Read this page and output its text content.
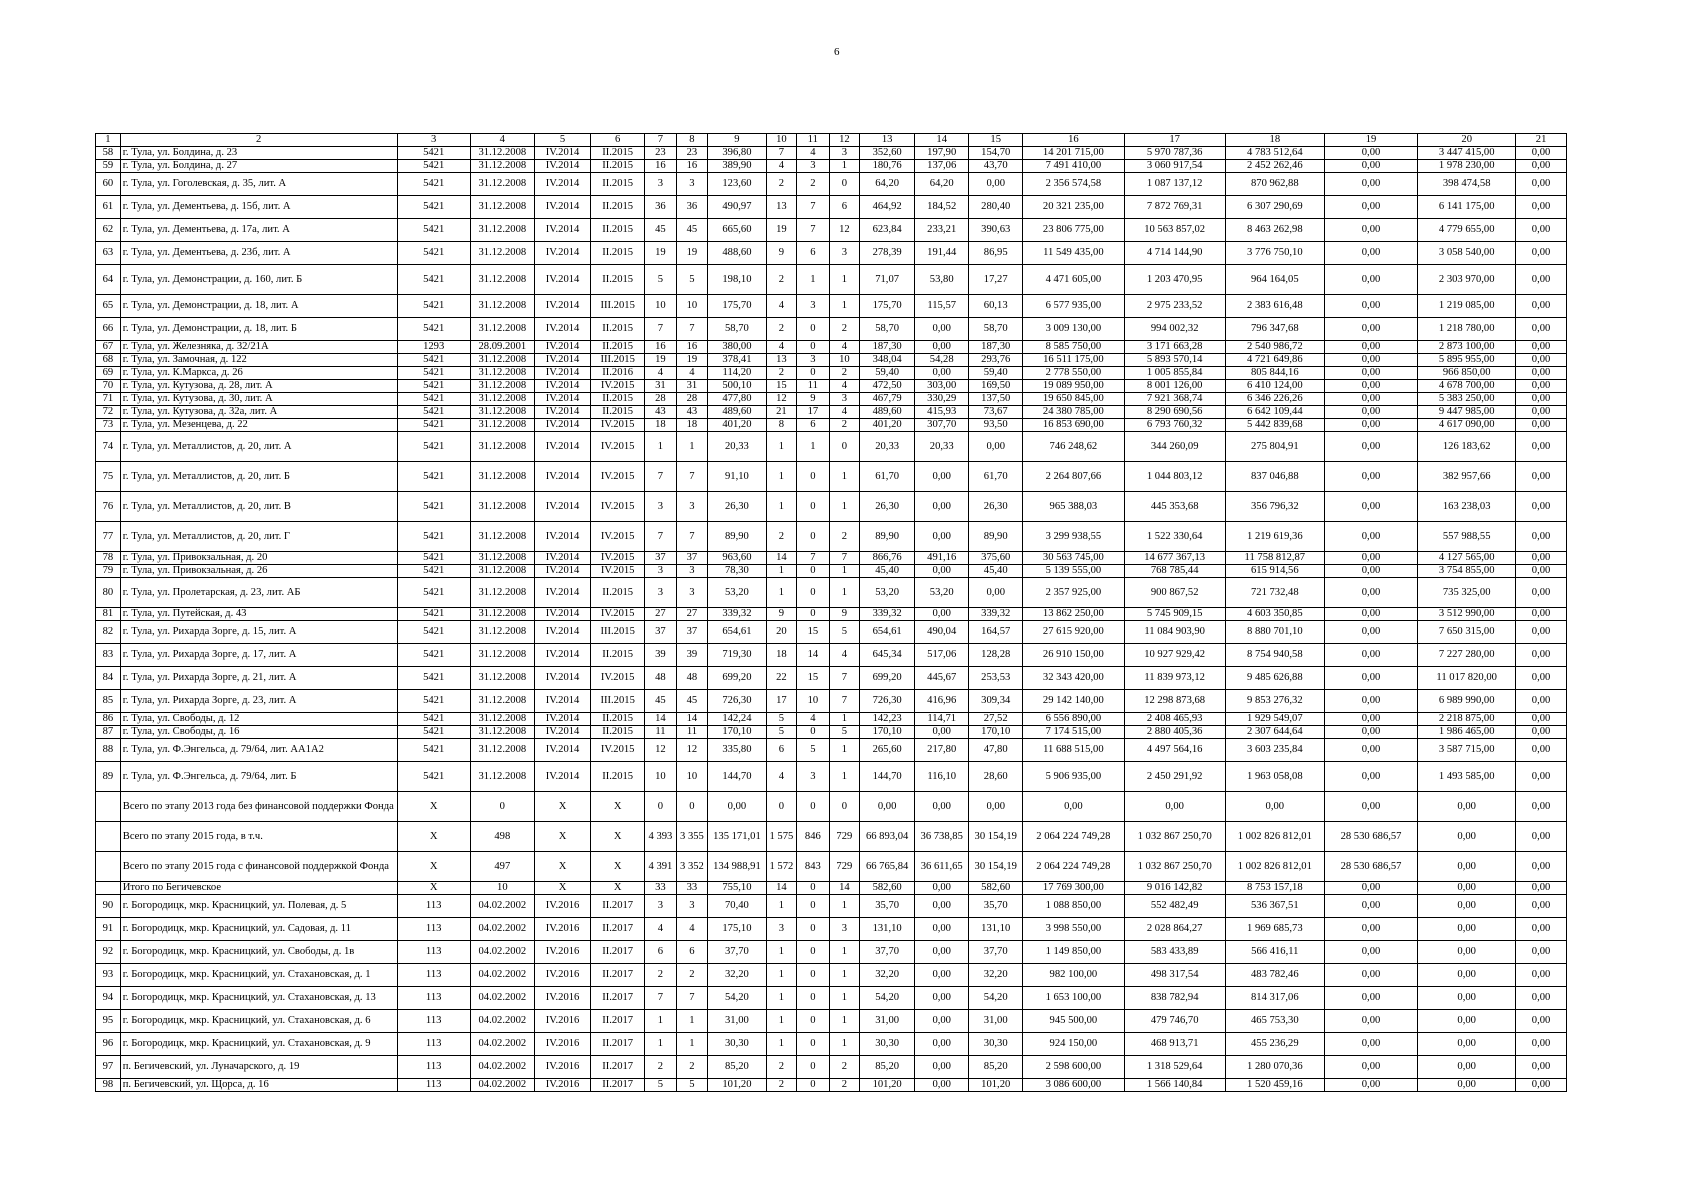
6
1	2	3	4	5	6	7	8	9	10	11	12	13	14	15	16	17	18	19	20	21
58	г. Тула, ул. Болдина, д. 23	5421	31.12.2008	IV.2014	II.2015	23	23	396,80	7	4	3	352,60	197,90	154,70	14 201 715,00	5 970 787,36	4 783 512,64	0,00	3 447 415,00	0,00
59	г. Тула, ул. Болдина, д. 27	5421	31.12.2008	IV.2014	II.2015	16	16	389,90	4	3	1	180,76	137,06	43,70	7 491 410,00	3 060 917,54	2 452 262,46	0,00	1 978 230,00	0,00
60	г. Тула, ул. Гоголевская, д. 35, лит. А	5421	31.12.2008	IV.2014	II.2015	3	3	123,60	2	2	0	64,20	64,20	0,00	2 356 574,58	1 087 137,12	870 962,88	0,00	398 474,58	0,00
61	г. Тула, ул. Дементьева, д. 15б, лит. А	5421	31.12.2008	IV.2014	II.2015	36	36	490,97	13	7	6	464,92	184,52	280,40	20 321 235,00	7 872 769,31	6 307 290,69	0,00	6 141 175,00	0,00
62	г. Тула, ул. Дементьева, д. 17а, лит. А	5421	31.12.2008	IV.2014	II.2015	45	45	665,60	19	7	12	623,84	233,21	390,63	23 806 775,00	10 563 857,02	8 463 262,98	0,00	4 779 655,00	0,00
63	г. Тула, ул. Дементьева, д. 23б, лит. А	5421	31.12.2008	IV.2014	II.2015	19	19	488,60	9	6	3	278,39	191,44	86,95	11 549 435,00	4 714 144,90	3 776 750,10	0,00	3 058 540,00	0,00
64	г. Тула, ул. Демонстрации, д. 160, лит. Б	5421	31.12.2008	IV.2014	II.2015	5	5	198,10	2	1	1	71,07	53,80	17,27	4 471 605,00	1 203 470,95	964 164,05	0,00	2 303 970,00	0,00
65	г. Тула, ул. Демонстрации, д. 18, лит. А	5421	31.12.2008	IV.2014	III.2015	10	10	175,70	4	3	1	175,70	115,57	60,13	6 577 935,00	2 975 233,52	2 383 616,48	0,00	1 219 085,00	0,00
66	г. Тула, ул. Демонстрации, д. 18, лит. Б	5421	31.12.2008	IV.2014	II.2015	7	7	58,70	2	0	2	58,70	0,00	58,70	3 009 130,00	994 002,32	796 347,68	0,00	1 218 780,00	0,00
67	г. Тула, ул. Железняка, д. 32/21А	1293	28.09.2001	IV.2014	II.2015	16	16	380,00	4	0	4	187,30	0,00	187,30	8 585 750,00	3 171 663,28	2 540 986,72	0,00	2 873 100,00	0,00
68	г. Тула, ул. Замочная, д. 122	5421	31.12.2008	IV.2014	III.2015	19	19	378,41	13	3	10	348,04	54,28	293,76	16 511 175,00	5 893 570,14	4 721 649,86	0,00	5 895 955,00	0,00
69	г. Тула, ул. К.Маркса, д. 26	5421	31.12.2008	IV.2014	II.2016	4	4	114,20	2	0	2	59,40	0,00	59,40	2 778 550,00	1 005 855,84	805 844,16	0,00	966 850,00	0,00
70	г. Тула, ул. Кутузова, д. 28, лит. А	5421	31.12.2008	IV.2014	IV.2015	31	31	500,10	15	11	4	472,50	303,00	169,50	19 089 950,00	8 001 126,00	6 410 124,00	0,00	4 678 700,00	0,00
71	г. Тула, ул. Кутузова, д. 30, лит. А	5421	31.12.2008	IV.2014	II.2015	28	28	477,80	12	9	3	467,79	330,29	137,50	19 650 845,00	7 921 368,74	6 346 226,26	0,00	5 383 250,00	0,00
72	г. Тула, ул. Кутузова, д. 32а, лит. А	5421	31.12.2008	IV.2014	II.2015	43	43	489,60	21	17	4	489,60	415,93	73,67	24 380 785,00	8 290 690,56	6 642 109,44	0,00	9 447 985,00	0,00
73	г. Тула, ул. Мезенцева, д. 22	5421	31.12.2008	IV.2014	IV.2015	18	18	401,20	8	6	2	401,20	307,70	93,50	16 853 690,00	6 793 760,32	5 442 839,68	0,00	4 617 090,00	0,00
74	г. Тула, ул. Металлистов, д. 20, лит. А	5421	31.12.2008	IV.2014	IV.2015	1	1	20,33	1	1	0	20,33	20,33	0,00	746 248,62	344 260,09	275 804,91	0,00	126 183,62	0,00
75	г. Тула, ул. Металлистов, д. 20, лит. Б	5421	31.12.2008	IV.2014	IV.2015	7	7	91,10	1	0	1	61,70	0,00	61,70	2 264 807,66	1 044 803,12	837 046,88	0,00	382 957,66	0,00
76	г. Тула, ул. Металлистов, д. 20, лит. В	5421	31.12.2008	IV.2014	IV.2015	3	3	26,30	1	0	1	26,30	0,00	26,30	965 388,03	445 353,68	356 796,32	0,00	163 238,03	0,00
77	г. Тула, ул. Металлистов, д. 20, лит. Г	5421	31.12.2008	IV.2014	IV.2015	7	7	89,90	2	0	2	89,90	0,00	89,90	3 299 938,55	1 522 330,64	1 219 619,36	0,00	557 988,55	0,00
78	г. Тула, ул. Привокзальная, д. 20	5421	31.12.2008	IV.2014	IV.2015	37	37	963,60	14	7	7	866,76	491,16	375,60	30 563 745,00	14 677 367,13	11 758 812,87	0,00	4 127 565,00	0,00
79	г. Тула, ул. Привокзальная, д. 26	5421	31.12.2008	IV.2014	IV.2015	3	3	78,30	1	0	1	45,40	0,00	45,40	5 139 555,00	768 785,44	615 914,56	0,00	3 754 855,00	0,00
80	г. Тула, ул. Пролетарская, д. 23, лит. АБ	5421	31.12.2008	IV.2014	II.2015	3	3	53,20	1	0	1	53,20	53,20	0,00	2 357 925,00	900 867,52	721 732,48	0,00	735 325,00	0,00
81	г. Тула, ул. Путейская, д. 43	5421	31.12.2008	IV.2014	IV.2015	27	27	339,32	9	0	9	339,32	0,00	339,32	13 862 250,00	5 745 909,15	4 603 350,85	0,00	3 512 990,00	0,00
82	г. Тула, ул. Рихарда Зорге, д. 15, лит. А	5421	31.12.2008	IV.2014	III.2015	37	37	654,61	20	15	5	654,61	490,04	164,57	27 615 920,00	11 084 903,90	8 880 701,10	0,00	7 650 315,00	0,00
83	г. Тула, ул. Рихарда Зорге, д. 17, лит. А	5421	31.12.2008	IV.2014	II.2015	39	39	719,30	18	14	4	645,34	517,06	128,28	26 910 150,00	10 927 929,42	8 754 940,58	0,00	7 227 280,00	0,00
84	г. Тула, ул. Рихарда Зорге, д. 21, лит. А	5421	31.12.2008	IV.2014	IV.2015	48	48	699,20	22	15	7	699,20	445,67	253,53	32 343 420,00	11 839 973,12	9 485 626,88	0,00	11 017 820,00	0,00
85	г. Тула, ул. Рихарда Зорге, д. 23, лит. А	5421	31.12.2008	IV.2014	III.2015	45	45	726,30	17	10	7	726,30	416,96	309,34	29 142 140,00	12 298 873,68	9 853 276,32	0,00	6 989 990,00	0,00
86	г. Тула, ул. Свободы, д. 12	5421	31.12.2008	IV.2014	II.2015	14	14	142,24	5	4	1	142,23	114,71	27,52	6 556 890,00	2 408 465,93	1 929 549,07	0,00	2 218 875,00	0,00
87	г. Тула, ул. Свободы, д. 16	5421	31.12.2008	IV.2014	II.2015	11	11	170,10	5	0	5	170,10	0,00	170,10	7 174 515,00	2 880 405,36	2 307 644,64	0,00	1 986 465,00	0,00
88	г. Тула, ул. Ф.Энгельса, д. 79/64, лит. АА1А2	5421	31.12.2008	IV.2014	IV.2015	12	12	335,80	6	5	1	265,60	217,80	47,80	11 688 515,00	4 497 564,16	3 603 235,84	0,00	3 587 715,00	0,00
89	г. Тула, ул. Ф.Энгельса, д. 79/64, лит. Б	5421	31.12.2008	IV.2014	II.2015	10	10	144,70	4	3	1	144,70	116,10	28,60	5 906 935,00	2 450 291,92	1 963 058,08	0,00	1 493 585,00	0,00
	Всего по этапу 2013 года без финансовой поддержки Фонда	X	0	X	X	0	0	0,00	0	0	0	0,00	0,00	0,00	0,00	0,00	0,00	0,00	0,00	0,00
	Всего по этапу 2015 года, в т.ч.	X	498	X	X	4 393	3 355	135 171,01	1 575	846	729	66 893,04	36 738,85	30 154,19	2 064 224 749,28	1 032 867 250,70	1 002 826 812,01	28 530 686,57	0,00	0,00
	Всего по этапу 2015 года с финансовой поддержкой Фонда	X	497	X	X	4 391	3 352	134 988,91	1 572	843	729	66 765,84	36 611,65	30 154,19	2 064 224 749,28	1 032 867 250,70	1 002 826 812,01	28 530 686,57	0,00	0,00
	Итого по Бегичевское	X	10	X	X	33	33	755,10	14	0	14	582,60	0,00	582,60	17 769 300,00	9 016 142,82	8 753 157,18	0,00	0,00	0,00
90	г. Богородицк, мкр. Красницкий, ул. Полевая, д. 5	113	04.02.2002	IV.2016	II.2017	3	3	70,40	1	0	1	35,70	0,00	35,70	1 088 850,00	552 482,49	536 367,51	0,00	0,00	0,00
91	г. Богородицк, мкр. Красницкий, ул. Садовая, д. 11	113	04.02.2002	IV.2016	II.2017	4	4	175,10	3	0	3	131,10	0,00	131,10	3 998 550,00	2 028 864,27	1 969 685,73	0,00	0,00	0,00
92	г. Богородицк, мкр. Красницкий, ул. Свободы, д. 1в	113	04.02.2002	IV.2016	II.2017	6	6	37,70	1	0	1	37,70	0,00	37,70	1 149 850,00	583 433,89	566 416,11	0,00	0,00	0,00
93	г. Богородицк, мкр. Красницкий, ул. Стахановская, д. 1	113	04.02.2002	IV.2016	II.2017	2	2	32,20	1	0	1	32,20	0,00	32,20	982 100,00	498 317,54	483 782,46	0,00	0,00	0,00
94	г. Богородицк, мкр. Красницкий, ул. Стахановская, д. 13	113	04.02.2002	IV.2016	II.2017	7	7	54,20	1	0	1	54,20	0,00	54,20	1 653 100,00	838 782,94	814 317,06	0,00	0,00	0,00
95	г. Богородицк, мкр. Красницкий, ул. Стахановская, д. 6	113	04.02.2002	IV.2016	II.2017	1	1	31,00	1	0	1	31,00	0,00	31,00	945 500,00	479 746,70	465 753,30	0,00	0,00	0,00
96	г. Богородицк, мкр. Красницкий, ул. Стахановская, д. 9	113	04.02.2002	IV.2016	II.2017	1	1	30,30	1	0	1	30,30	0,00	30,30	924 150,00	468 913,71	455 236,29	0,00	0,00	0,00
97	п. Бегичевский, ул. Луначарского, д. 19	113	04.02.2002	IV.2016	II.2017	2	2	85,20	2	0	2	85,20	0,00	85,20	2 598 600,00	1 318 529,64	1 280 070,36	0,00	0,00	0,00
98	п. Бегичевский, ул. Щорса, д. 16	113	04.02.2002	IV.2016	II.2017	5	5	101,20	2	0	2	101,20	0,00	101,20	3 086 600,00	1 566 140,84	1 520 459,16	0,00	0,00	0,00
